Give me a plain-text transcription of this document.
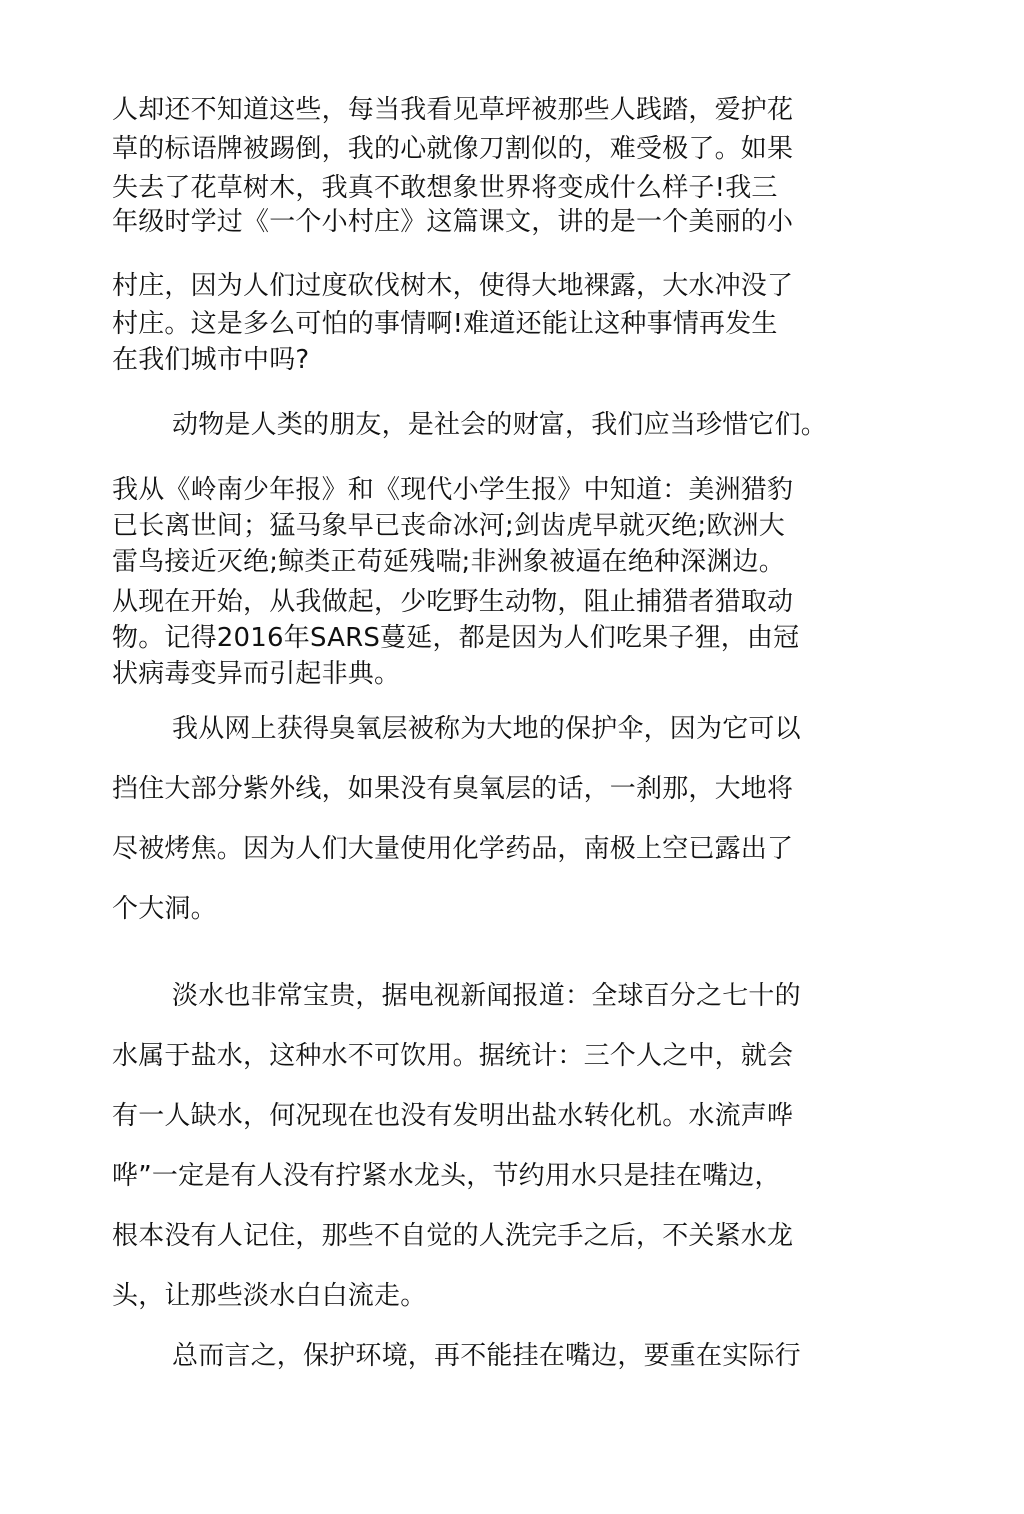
人却还不知道这些，每当我看见草坪被那些人践踏，爱护花
草的标语牌被踢倒，我的心就像刀割似的，难受极了。如果
失去了花草树木，我真不敢想象世界将变成什么样子!我三
年级时学过《一个小村庄》这篇课文，讲的是一个美丽的小
村庄，因为人们过度砍伐树木，使得大地裸露，大水冲没了
村庄。这是多么可怕的事情啊!难道还能让这种事情再发生
在我们城市中吗?
动物是人类的朋友，是社会的财富，我们应当珍惜它们。
我从《岭南少年报》和《现代小学生报》中知道：美洲猎豹
已长离世间；猛马象早已丧命冰河;剑齿虎早就灭绝;欧洲大
雷鸟接近灭绝;鲸类正苟延残喘;非洲象被逼在绝种深渊边。
从现在开始，从我做起，少吃野生动物，阻止捕猎者猎取动
物。记得2016年SARS蔓延，都是因为人们吃果子狸，由冠
状病毒变异而引起非典。
我从网上获得臭氧层被称为大地的保护伞，因为它可以
挡住大部分紫外线，如果没有臭氧层的话，一刹那，大地将
尽被烤焦。因为人们大量使用化学药品，南极上空已露出了
个大洞。
淡水也非常宝贵，据电视新闻报道：全球百分之七十的
水属于盐水，这种水不可饮用。据统计：三个人之中，就会
有一人缺水，何况现在也没有发明出盐水转化机。水流声哗
哗”一定是有人没有拧紧水龙头，节约用水只是挂在嘴边，
根本没有人记住，那些不自觉的人洗完手之后，不关紧水龙
头，让那些淡水白白流走。
总而言之，保护环境，再不能挂在嘴边，要重在实际行
